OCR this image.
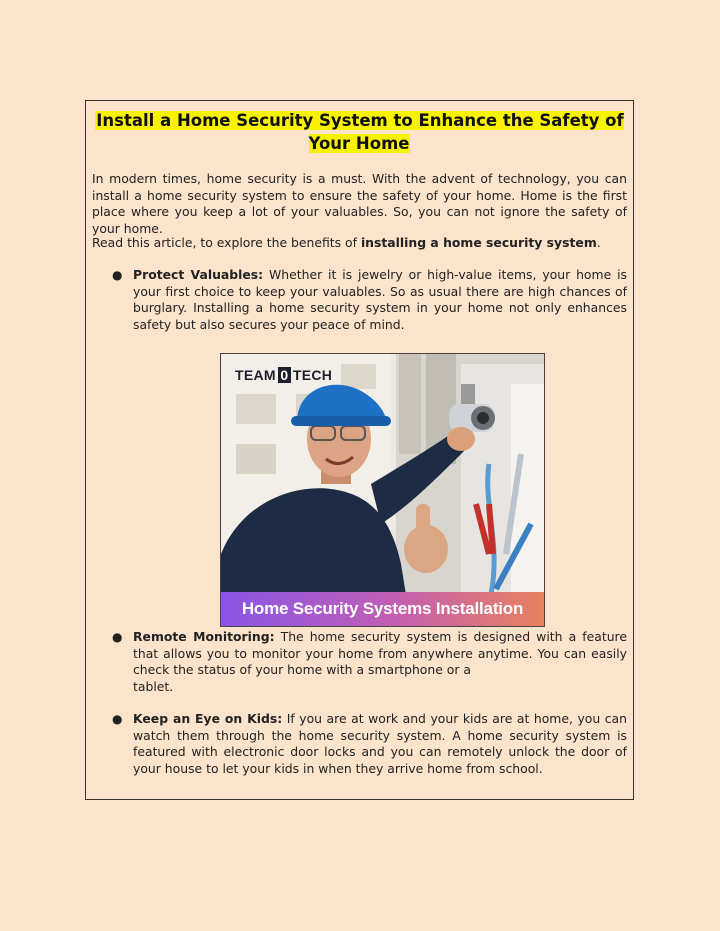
Install a Home Security System to Enhance the Safety of Your Home

In modern times, home security is a must. With the advent of technology, you can install a home security system to ensure the safety of your home. Home is the first place where you keep a lot of your valuables. So, you can not ignore the safety of your home.

Read this article, to explore the benefits of installing a home security system.

● Protect Valuables: Whether it is jewelry or high-value items, your home is your first choice to keep your valuables. So as usual there are high chances of burglary. Installing a home security system in your home not only enhances safety but also secures your peace of mind.
TEAM 0 TECH
Home Security Systems Installation
● Remote Monitoring: The home security system is designed with a feature that allows you to monitor your home from anywhere anytime. You can easily check the status of your home with a smartphone or a
tablet.
● Keep an Eye on Kids: If you are at work and your kids are at home, you can watch them through the home security system. A home security system is featured with electronic door locks and you can remotely unlock the door of your house to let your kids in when they arrive home from school.
